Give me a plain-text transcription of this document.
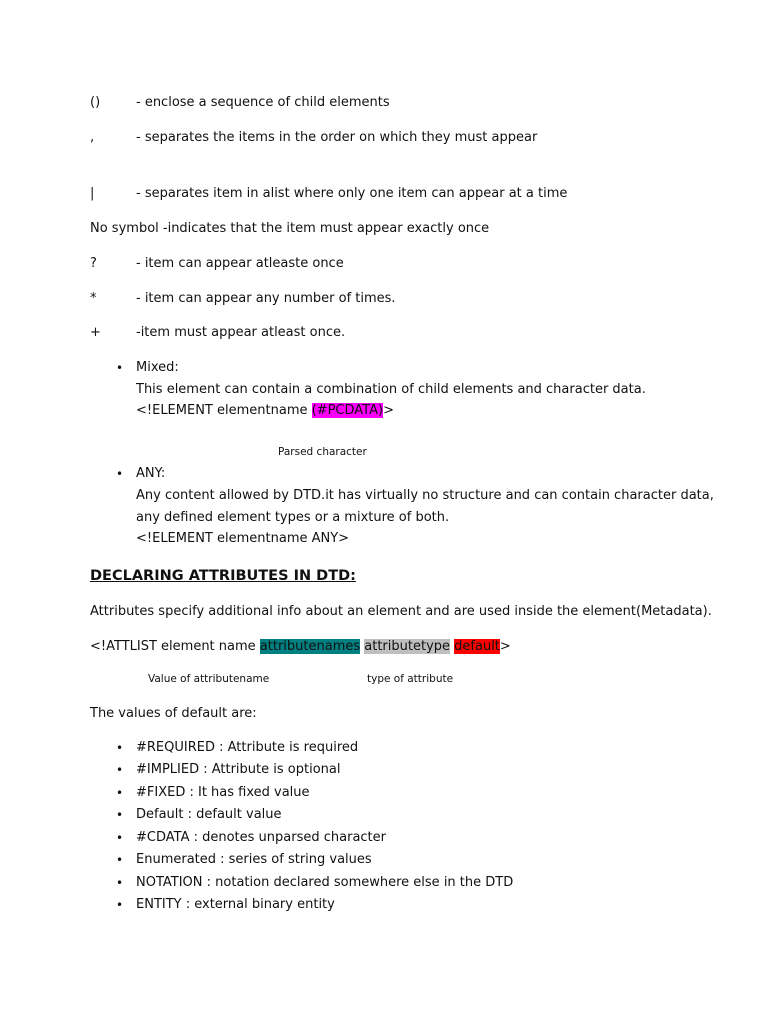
()	- enclose a sequence of child elements
,	- separates the items in the order on which they must appear
|	- separates item in alist where only one item can appear at a time
No symbol -indicates that the item must appear exactly once
?	- item can appear atleaste once
*	- item can appear any number of times.
+	-item must appear atleast once.
• Mixed:
This element can contain a combination of child elements and character data.
<!ELEMENT elementname (#PCDATA)>
Parsed character
• ANY:
Any content allowed by DTD.it has virtually no structure and can contain character data,
any defined element types or a mixture of both.
<!ELEMENT elementname ANY>
DECLARING ATTRIBUTES IN DTD:
Attributes specify additional info about an element and are used inside the element(Metadata).
<!ATTLIST element name attributenames attributetype default>
Value of attributename	type of attribute
The values of default are:
• #REQUIRED : Attribute is required
• #IMPLIED : Attribute is optional
• #FIXED : It has fixed value
• Default : default value
• #CDATA : denotes unparsed character
• Enumerated : series of string values
• NOTATION : notation declared somewhere else in the DTD
• ENTITY : external binary entity
